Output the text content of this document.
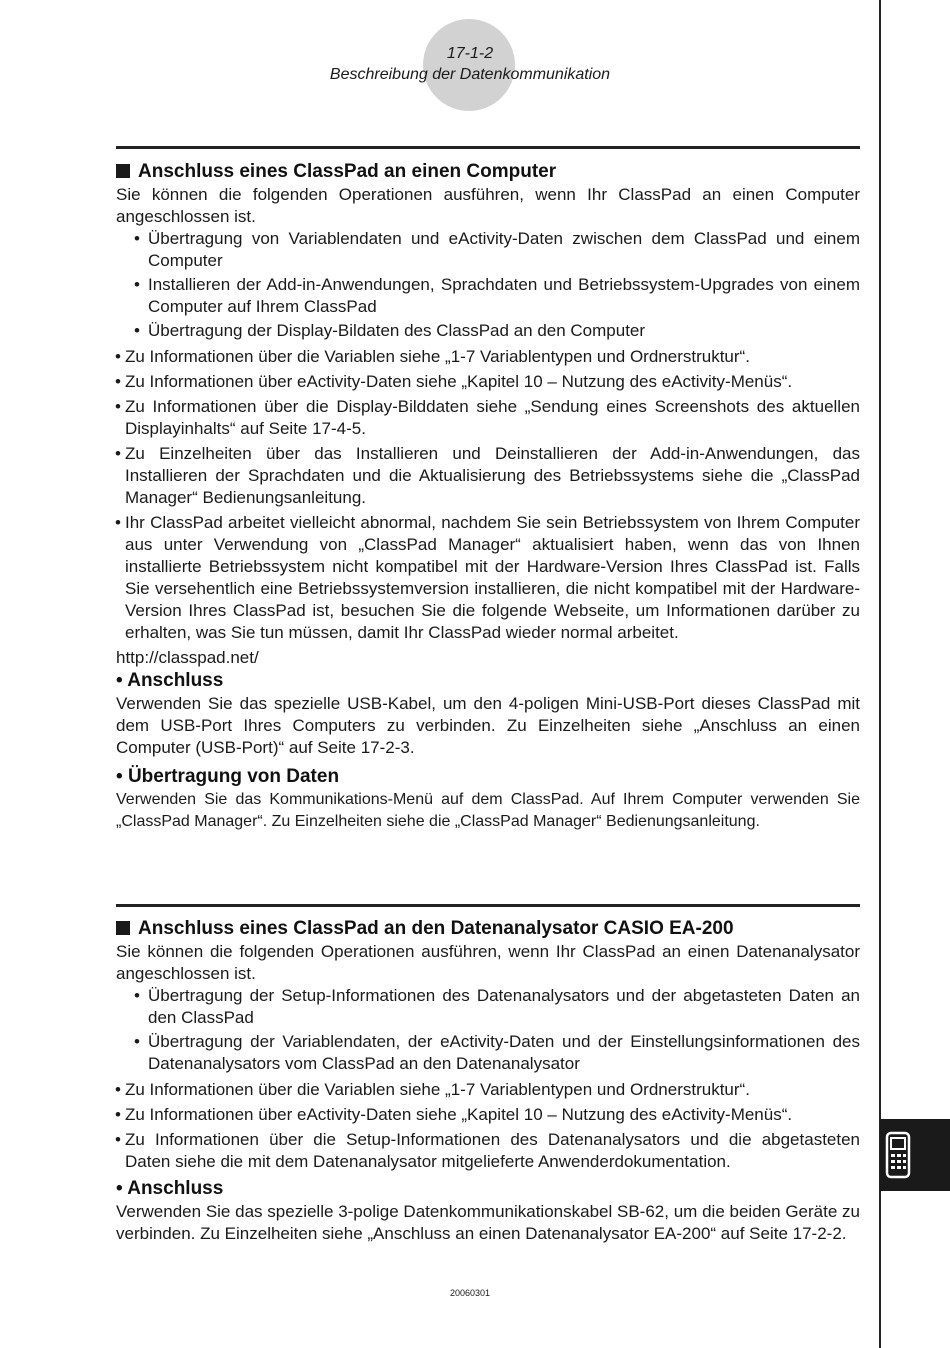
17-1-2
Beschreibung der Datenkommunikation
Anschluss eines ClassPad an einen Computer

Sie können die folgenden Operationen ausführen, wenn Ihr ClassPad an einen Computer angeschlossen ist.

• Übertragung von Variablendaten und eActivity-Daten zwischen dem ClassPad und einem Computer
• Installieren der Add-in-Anwendungen, Sprachdaten und Betriebssystem-Upgrades von einem Computer auf Ihrem ClassPad
• Übertragung der Display-Bildaten des ClassPad an den Computer
• Zu Informationen über die Variablen siehe „1-7 Variablentypen und Ordnerstruktur“.
• Zu Informationen über eActivity-Daten siehe „Kapitel 10 – Nutzung des eActivity-Menüs“.
• Zu Informationen über die Display-Bilddaten siehe „Sendung eines Screenshots des aktuellen Displayinhalts“ auf Seite 17-4-5.
• Zu Einzelheiten über das Installieren und Deinstallieren der Add-in-Anwendungen, das Installieren der Sprachdaten und die Aktualisierung des Betriebssystems siehe die „ClassPad Manager“ Bedienungsanleitung.
• Ihr ClassPad arbeitet vielleicht abnormal, nachdem Sie sein Betriebssystem von Ihrem Computer aus unter Verwendung von „ClassPad Manager“ aktualisiert haben, wenn das von Ihnen installierte Betriebssystem nicht kompatibel mit der Hardware-Version Ihres ClassPad ist. Falls Sie versehentlich eine Betriebssystemversion installieren, die nicht kompatibel mit der Hardware-Version Ihres ClassPad ist, besuchen Sie die folgende Webseite, um Informationen darüber zu erhalten, was Sie tun müssen, damit Ihr ClassPad wieder normal arbeitet.

http://classpad.net/

• Anschluss

Verwenden Sie das spezielle USB-Kabel, um den 4-poligen Mini-USB-Port dieses ClassPad mit dem USB-Port Ihres Computers zu verbinden. Zu Einzelheiten siehe „Anschluss an einen Computer (USB-Port)“ auf Seite 17-2-3.

• Übertragung von Daten

Verwenden Sie das Kommunikations-Menü auf dem ClassPad. Auf Ihrem Computer verwenden Sie „ClassPad Manager“. Zu Einzelheiten siehe die „ClassPad Manager“ Bedienungsanleitung.

Anschluss eines ClassPad an den Datenanalysator CASIO EA-200

Sie können die folgenden Operationen ausführen, wenn Ihr ClassPad an einen Datenanalysator angeschlossen ist.

• Übertragung der Setup-Informationen des Datenanalysators und der abgetasteten Daten an den ClassPad
• Übertragung der Variablendaten, der eActivity-Daten und der Einstellungsinformationen des Datenanalysators vom ClassPad an den Datenanalysator
• Zu Informationen über die Variablen siehe „1-7 Variablentypen und Ordnerstruktur“.
• Zu Informationen über eActivity-Daten siehe „Kapitel 10 – Nutzung des eActivity-Menüs“.
• Zu Informationen über die Setup-Informationen des Datenanalysators und die abgetasteten Daten siehe die mit dem Datenanalysator mitgelieferte Anwenderdokumentation.
• Anschluss

Verwenden Sie das spezielle 3-polige Datenkommunikationskabel SB-62, um die beiden Geräte zu verbinden. Zu Einzelheiten siehe „Anschluss an einen Datenanalysator EA-200“ auf Seite 17-2-2.

20060301
